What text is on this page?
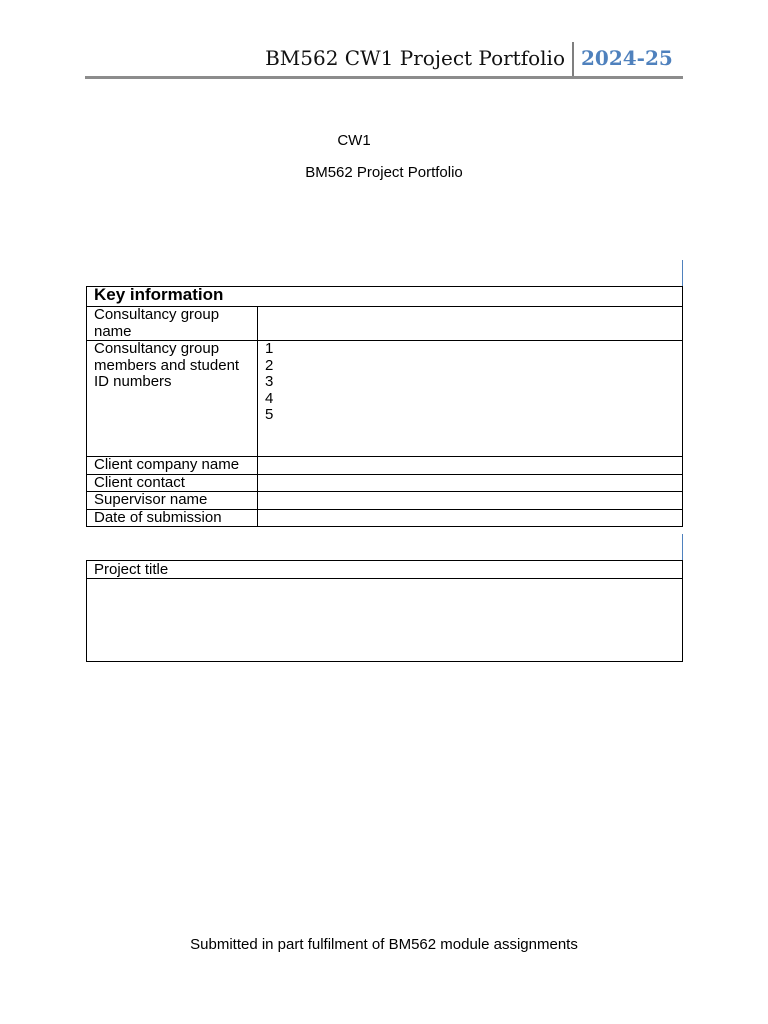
BM562 CW1 Project Portfolio 2024-25
CW1
BM562 Project Portfolio
Key information	
Consultancy group name	
Consultancy group members and student ID numbers	1
2
3
4
5

Client company name	
Client contact	
Supervisor name	
Date of submission	
Project title

Submitted in part fulfilment of BM562 module assignments
